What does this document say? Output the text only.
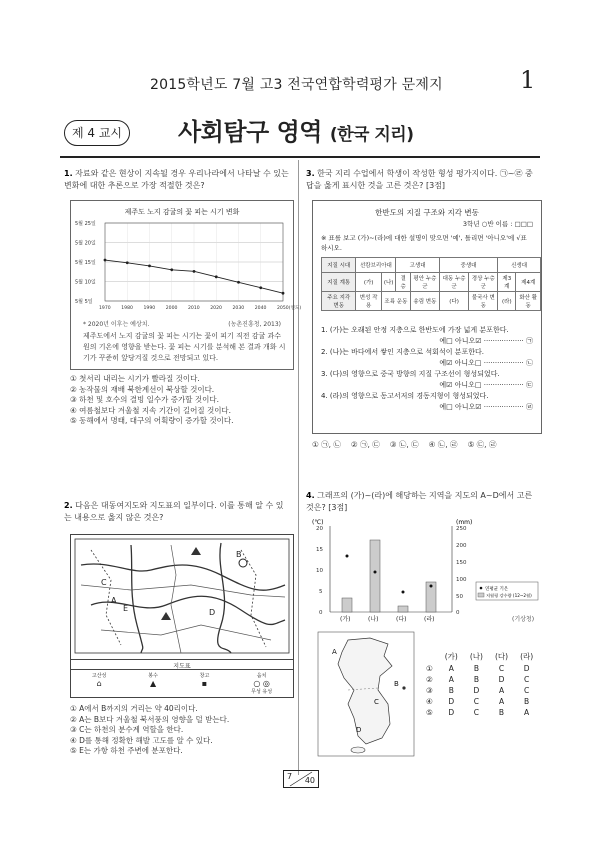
2015학년도 7월 고3 전국연합학력평가 문제지	1
제 4 교시	사회탐구 영역 (한국 지리)
1. 자료와 같은 현상이 지속될 경우 우리나라에서 나타날 수 있는 변화에 대한 추론으로 가장 적절한 것은?
제주도 노지 감귤의 꽃 피는 시기 변화
5월 25일
5월 20일
5월 15일
5월 10일
5월 5일
1970 1980 1990 2000 2010 2020 2030 2040 2050(연도)
* 2020년 이후는 예상치.	(농촌진흥청, 2013)
제주도에서 노지 감귤의 꽃 피는 시기는 꽃이 피기 직전 감귤 과수원의 기온에 영향을 받는다. 꽃 피는 시기를 분석해 본 결과 개화 시기가 꾸준히 앞당겨질 것으로 전망되고 있다.
① 첫서리 내리는 시기가 빨라질 것이다.
② 농작물의 재배 북한계선이 북상할 것이다.
③ 하천 및 호수의 결빙 일수가 증가할 것이다.
④ 여름철보다 겨울철 지속 기간이 길어질 것이다.
⑤ 동해에서 명태, 대구의 어획량이 증가할 것이다.
2. 다음은 대동여지도와 지도표의 일부이다. 이를 통해 알 수 있는 내용으로 옳지 않은 것은?
A
B
C
D
E
지도표
고산성
⌂
봉수
▲
창고
▪
읍치
○ ◎
무성 유성
① A에서 B까지의 거리는 약 40리이다.
② A는 B보다 겨울철 북서풍의 영향을 덜 받는다.
③ C는 하천의 분수계 역할을 한다.
④ D를 통해 정확한 해발 고도를 알 수 있다.
⑤ E는 가항 하천 주변에 분포한다.
3. 한국 지리 수업에서 학생이 작성한 형성 평가지이다. ㉠~㉣ 중 답을 옳게 표시한 것을 고른 것은? [3점]
한반도의 지질 구조와 지각 변동
3학년 ○반 이름 : □□□
※ 표를 보고 (가)~(라)에 대한 설명이 맞으면 '예', 틀리면 '아니오'에 √표 하시오.
지질 시대	선캄브리아대		고생대		중생대		신생대	
지질 계통	(가)	(나)	결층	평안 누층군	대동 누층군	경상 누층군	제3계	제4계
주요 지각 변동	변성 작용	조륙 운동		송림 변동	(다)	불국사 변동	(라)	화산 활동
1. (가)는 오래된 안정 지층으로 한반도에 가장 넓게 분포한다.
예□ 아니오☑ ·················· ㉠
2. (나)는 바다에서 쌓인 지층으로 석회석이 분포한다.
예☑ 아니오□ ·················· ㉡
3. (다)의 영향으로 중국 방향의 지질 구조선이 형성되었다.
예☑ 아니오□ ·················· ㉢
4. (라)의 영향으로 동고서저의 경동지형이 형성되었다.
예□ 아니오☑ ·················· ㉣
① ㉠, ㉡ ② ㉠, ㉢ ③ ㉡, ㉢ ④ ㉡, ㉣ ⑤ ㉢, ㉣
4. 그래프의 (가)~(라)에 해당하는 지역을 지도의 A~D에서 고른 것은? [3점]
(℃)	(mm)
20
15
10
5
0
250
200
150
100
50
0
(가)	(나)	(다)	(라)
연평균 기온
저월평 강수량 (12~2월)
(기상청)
A
B
C
D
	(가)	(나)	(다)	(라)
①	A	B	C	D
②	A	B	D	C
③	B	D	A	C
④	D	C	A	B
⑤	D	C	B	A
7 40
